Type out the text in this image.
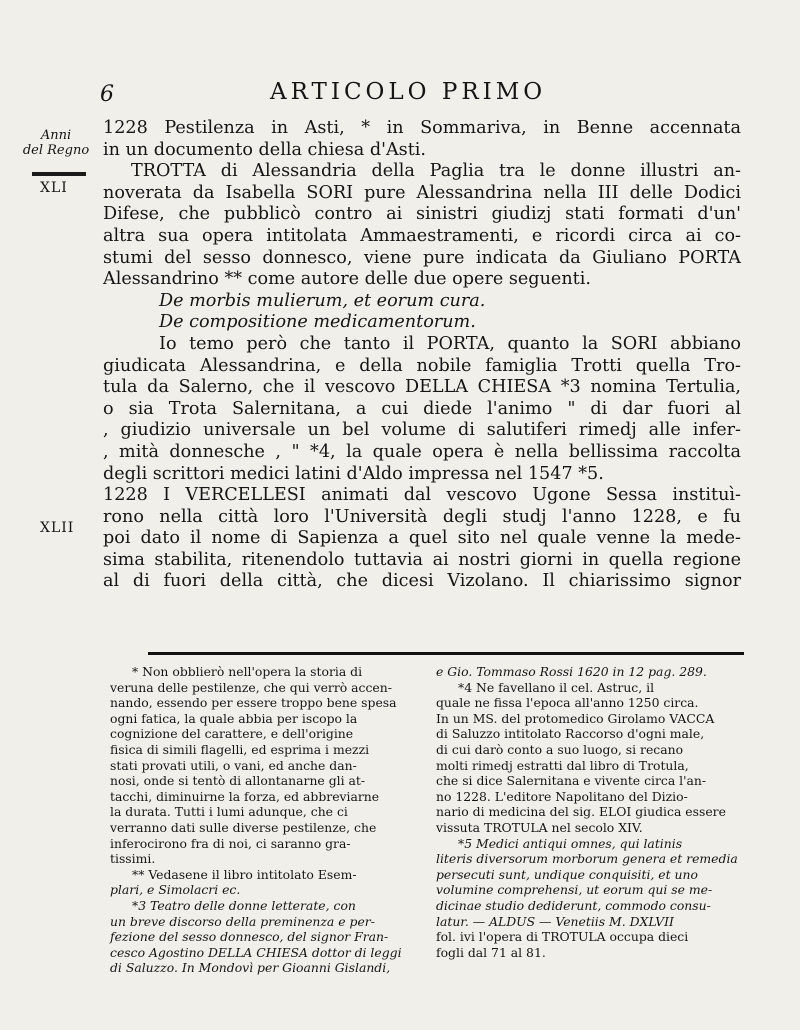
6	ARTICOLO PRIMO
Anni
del Regno
XLI
XLII
1228 Pestilenza in Asti, * in Sommariva, in Benne accennata
in un documento della chiesa d'Asti.
TROTTA di Alessandria della Paglia tra le donne illustri an-
noverata da Isabella SORI pure Alessandrina nella III delle Dodici
Difese, che pubblicò contro ai sinistri giudizj stati formati d'un'
altra sua opera intitolata Ammaestramenti, e ricordi circa ai co-
stumi del sesso donnesco, viene pure indicata da Giuliano PORTA
Alessandrino ** come autore delle due opere seguenti.
De morbis mulierum, et eorum cura.
De compositione medicamentorum.
Io temo però che tanto il PORTA, quanto la SORI abbiano
giudicata Alessandrina, e della nobile famiglia Trotti quella Tro-
tula da Salerno, che il vescovo DELLA CHIESA *3 nomina Tertulia,
o sia Trota Salernitana, a cui diede l'animo " di dar fuori al
, giudizio universale un bel volume di salutiferi rimedj alle infer-
, mità donnesche , " *4, la quale opera è nella bellissima raccolta
degli scrittori medici latini d'Aldo impressa nel 1547 *5.
1228 I VERCELLESI animati dal vescovo Ugone Sessa instituì-
rono nella città loro l'Università degli studj l'anno 1228, e fu
poi dato il nome di Sapienza a quel sito nel quale venne la mede-
sima stabilita, ritenendolo tuttavia ai nostri giorni in quella regione
al di fuori della città, che dicesi Vizolano. Il chiarissimo signor
* Non obblierò nell'opera la storia di
veruna delle pestilenze, che qui verrò accen-
nando, essendo per essere troppo bene spesa
ogni fatica, la quale abbia per iscopo la
cognizione del carattere, e dell'origine
fisica di simili flagelli, ed esprima i mezzi
stati provati utili, o vani, ed anche dan-
nosi, onde si tentò di allontanarne gli at-
tacchi, diminuirne la forza, ed abbreviarne
la durata. Tutti i lumi adunque, che ci
verranno dati sulle diverse pestilenze, che
inferocirono fra di noi, ci saranno gra-
tissimi.
** Vedasene il libro intitolato Esem-
plari, e Simolacri ec.
*3 Teatro delle donne letterate, con
un breve discorso della preminenza e per-
fezione del sesso donnesco, del signor Fran-
cesco Agostino DELLA CHIESA dottor di leggi
di Saluzzo. In Mondovì per Gioanni Gislandi,
e Gio. Tommaso Rossi 1620 in 12 pag. 289.
*4 Ne favellano il cel. Astruc, il
quale ne fissa l'epoca all'anno 1250 circa.
In un MS. del protomedico Girolamo VACCA
di Saluzzo intitolato Raccorso d'ogni male,
di cui darò conto a suo luogo, si recano
molti rimedj estratti dal libro di Trotula,
che si dice Salernitana e vivente circa l'an-
no 1228. L'editore Napolitano del Dizio-
nario di medicina del sig. ELOI giudica essere
vissuta TROTULA nel secolo XIV.
*5 Medici antiqui omnes, qui latinis
literis diversorum morborum genera et remedia
persecuti sunt, undique conquisiti, et uno
volumine comprehensi, ut eorum qui se me-
dicinae studio dediderunt, commodo consu-
latur. — ALDUS — Venetiis M. DXLVII
fol. ivi l'opera di TROTULA occupa dieci
fogli dal 71 al 81.
